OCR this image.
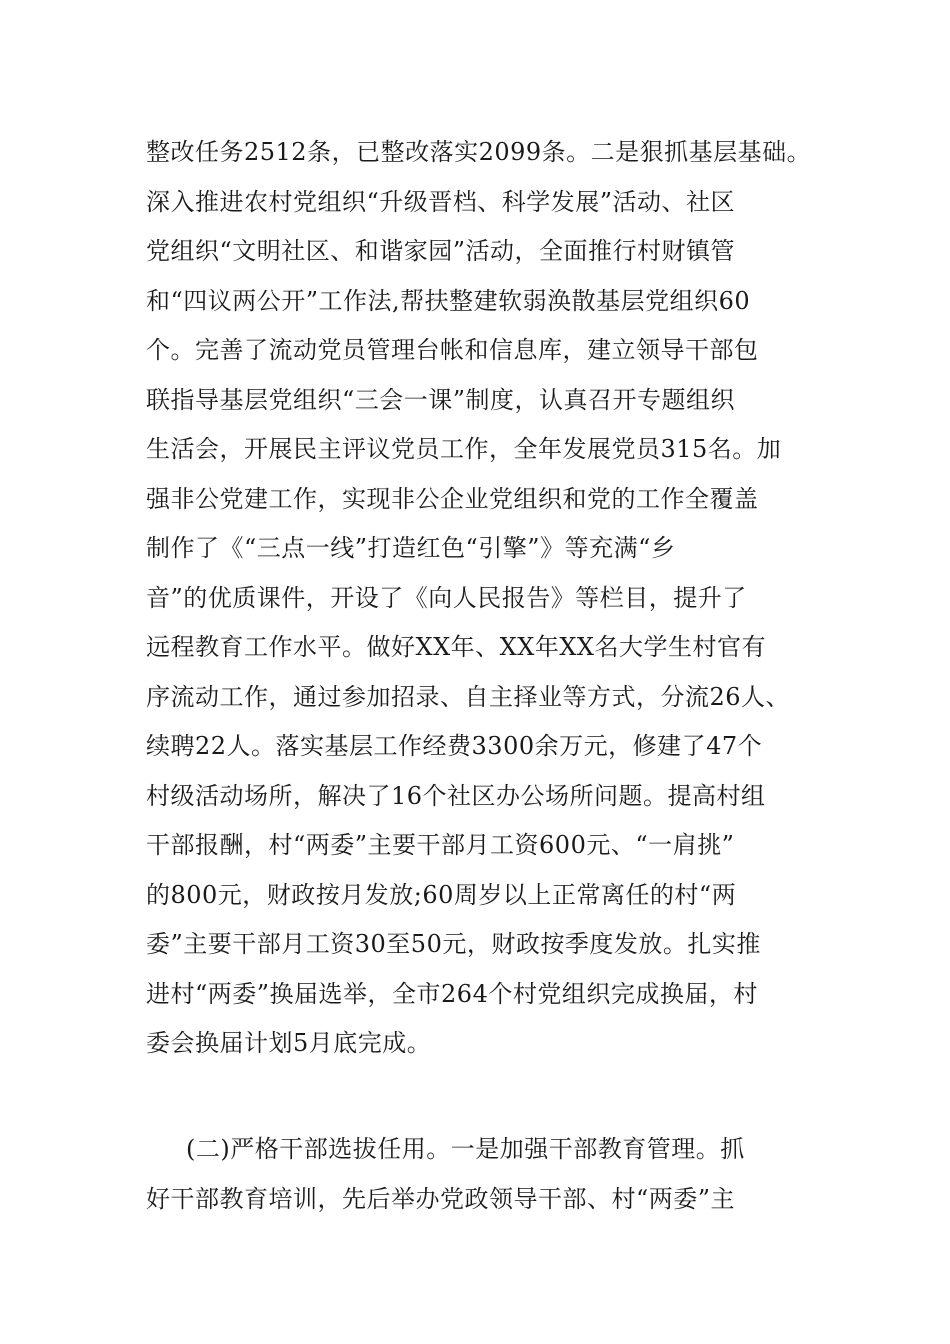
整改任务2512条，已整改落实2099条。二是狠抓基层基础。
深入推进农村党组织“升级晋档、科学发展”活动、社区
党组织“文明社区、和谐家园”活动，全面推行村财镇管
和“四议两公开”工作法,帮扶整建软弱涣散基层党组织60
个。完善了流动党员管理台帐和信息库，建立领导干部包
联指导基层党组织“三会一课”制度，认真召开专题组织
生活会，开展民主评议党员工作，全年发展党员315名。加
强非公党建工作，实现非公企业党组织和党的工作全覆盖
制作了《“三点一线”打造红色“引擎”》等充满“乡
音”的优质课件，开设了《向人民报告》等栏目，提升了
远程教育工作水平。做好XX年、XX年XX名大学生村官有
序流动工作，通过参加招录、自主择业等方式，分流26人、
续聘22人。落实基层工作经费3300余万元，修建了47个
村级活动场所，解决了16个社区办公场所问题。提高村组
干部报酬，村“两委”主要干部月工资600元、“一肩挑”
的800元，财政按月发放;60周岁以上正常离任的村“两
委”主要干部月工资30至50元，财政按季度发放。扎实推
进村“两委”换届选举，全市264个村党组织完成换届，村
委会换届计划5月底完成。
(二)严格干部选拔任用。一是加强干部教育管理。抓
好干部教育培训，先后举办党政领导干部、村“两委”主
